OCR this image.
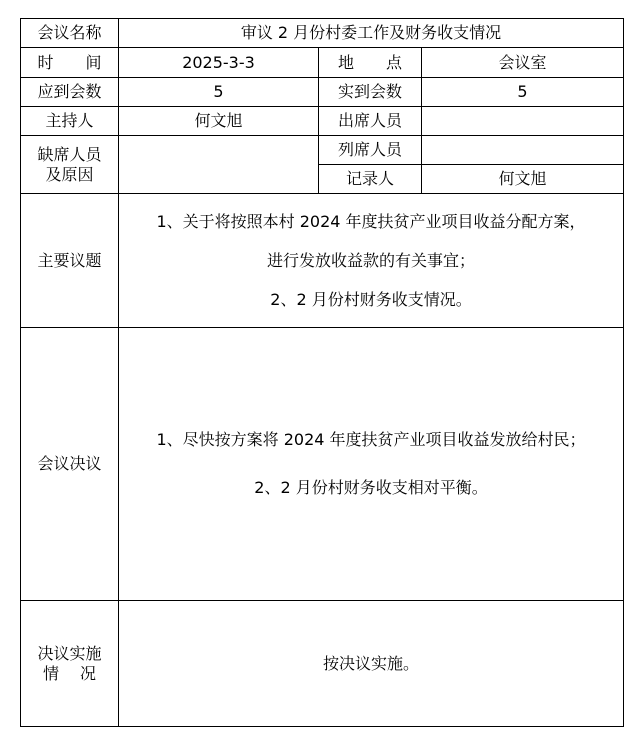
会议名称	审议 2 月份村委工作及财务收支情况		
时　　间	2025-3-3	地　　点	会议室
应到会数	5	实到会数	5
主持人	何文旭	出席人员	

缺席人员
及原因		列席人员	
		记录人	何文旭
主要议题	1、关于将按照本村 2024 年度扶贫产业项目收益分配方案，
进行发放收益款的有关事宜；
2、2 月份村财务收支情况。		

会议决议	1、尽快按方案将 2024 年度扶贫产业项目收益发放给村民；
2、2 月份村财务收支相对平衡。		

决议实施
情　 况	按决议实施。		
